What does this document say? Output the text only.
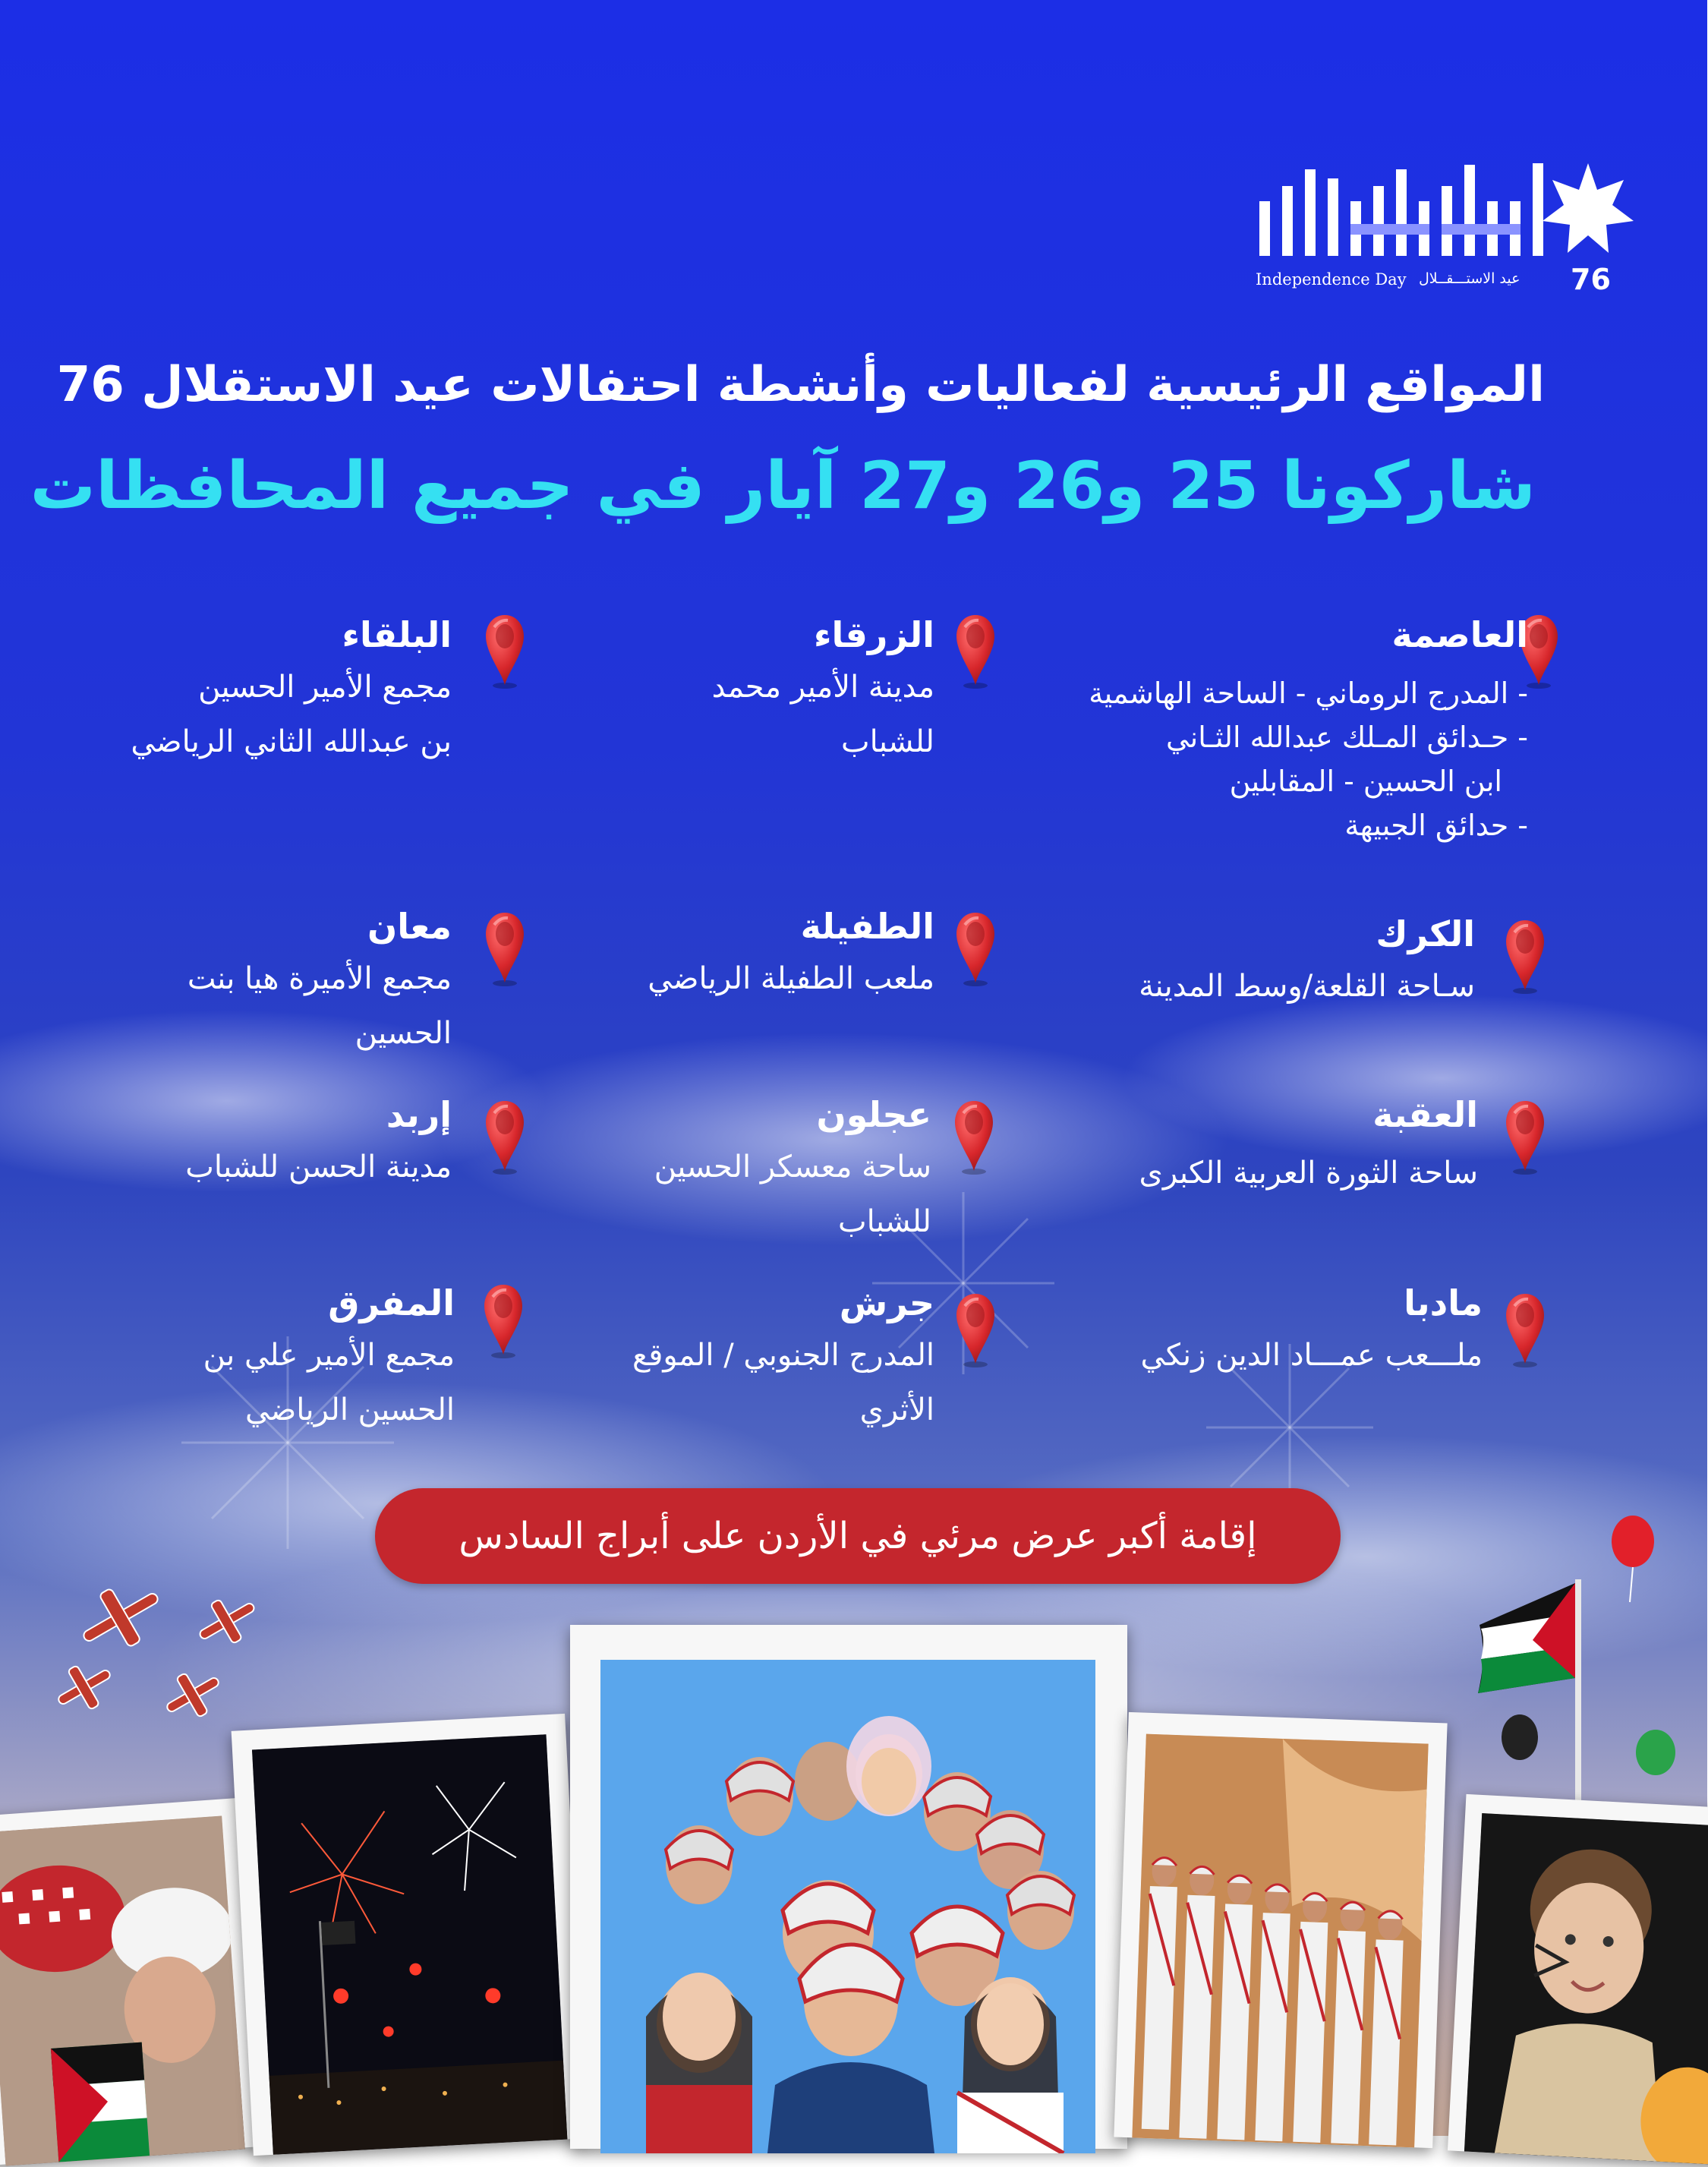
Independence Day عيد الاستـــقــلال 76
المواقع الرئيسية لفعاليات وأنشطة احتفالات عيد الاستقلال 76
شاركونا 25 و26 و27 آيار في جميع المحافظات
العاصمة
- المدرج الروماني - الساحة الهاشمية
- حـدائق المـلك عبدالله الثـاني
ابن الحسين - المقابلين
- حدائق الجبيهة
الزرقاء
مدينة الأمير محمد
للشباب
البلقاء
مجمع الأمير الحسين
بن عبدالله الثاني الرياضي
الكرك
سـاحة القلعة/وسط المدينة
الطفيلة
ملعب الطفيلة الرياضي
معان
مجمع الأميرة هيا بنت
الحسين
العقبة
ساحة الثورة العربية الكبرى
عجلون
ساحة معسكر الحسين
للشباب
إربد
مدينة الحسن للشباب
مادبا
ملـــعب عمـــاد الدين زنكي
جرش
المدرج الجنوبي / الموقع
الأثري
المفرق
مجمع الأمير علي بن
الحسين الرياضي
إقامة أكبر عرض مرئي في الأردن على أبراج السادس
